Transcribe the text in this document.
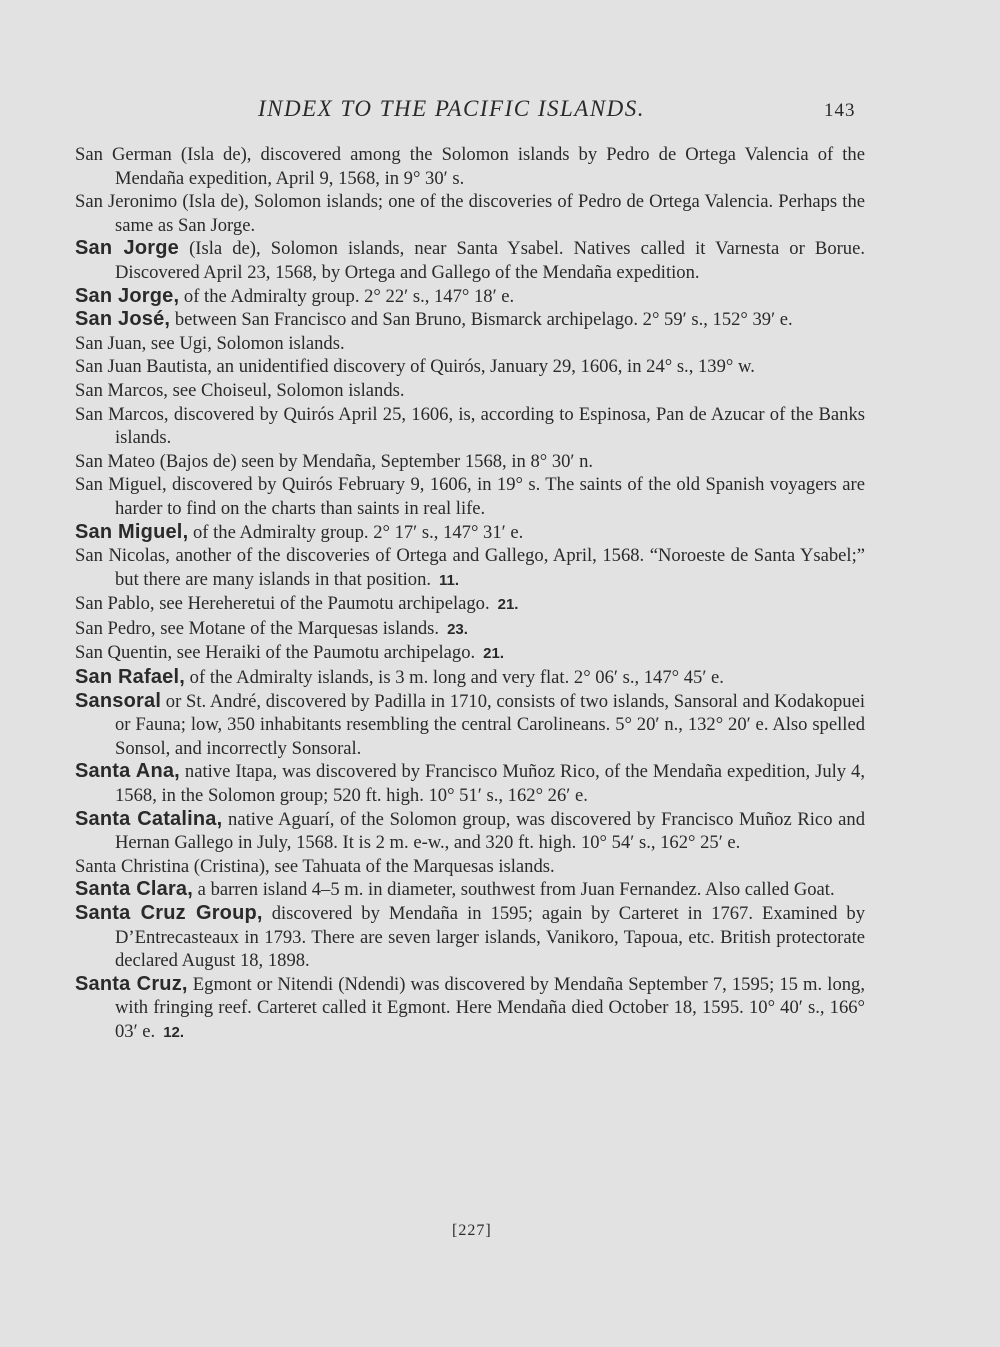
INDEX TO THE PACIFIC ISLANDS.	143

San German (Isla de), discovered among the Solomon islands by Pedro de Ortega Valencia of the Mendaña expedition, April 9, 1568, in 9° 30′ s.

San Jeronimo (Isla de), Solomon islands; one of the discoveries of Pedro de Ortega Valencia. Perhaps the same as San Jorge.

San Jorge (Isla de), Solomon islands, near Santa Ysabel. Natives called it Varnesta or Borue. Discovered April 23, 1568, by Ortega and Gallego of the Mendaña expedition.

San Jorge, of the Admiralty group. 2° 22′ s., 147° 18′ e.

San José, between San Francisco and San Bruno, Bismarck archipelago. 2° 59′ s., 152° 39′ e.

San Juan, see Ugi, Solomon islands.

San Juan Bautista, an unidentified discovery of Quirós, January 29, 1606, in 24° s., 139° w.

San Marcos, see Choiseul, Solomon islands.

San Marcos, discovered by Quirós April 25, 1606, is, according to Espinosa, Pan de Azucar of the Banks islands.

San Mateo (Bajos de) seen by Mendaña, September 1568, in 8° 30′ n.

San Miguel, discovered by Quirós February 9, 1606, in 19° s. The saints of the old Spanish voyagers are harder to find on the charts than saints in real life.

San Miguel, of the Admiralty group. 2° 17′ s., 147° 31′ e.

San Nicolas, another of the discoveries of Ortega and Gallego, April, 1568. “Noroeste de Santa Ysabel;” but there are many islands in that position. 11.

San Pablo, see Hereheretui of the Paumotu archipelago. 21.

San Pedro, see Motane of the Marquesas islands. 23.

San Quentin, see Heraiki of the Paumotu archipelago. 21.

San Rafael, of the Admiralty islands, is 3 m. long and very flat. 2° 06′ s., 147° 45′ e.

Sansoral or St. André, discovered by Padilla in 1710, consists of two islands, Sansoral and Kodakopuei or Fauna; low, 350 inhabitants resembling the central Carolineans. 5° 20′ n., 132° 20′ e. Also spelled Sonsol, and incorrectly Sonsoral.

Santa Ana, native Itapa, was discovered by Francisco Muñoz Rico, of the Mendaña expedition, July 4, 1568, in the Solomon group; 520 ft. high. 10° 51′ s., 162° 26′ e.

Santa Catalina, native Aguarí, of the Solomon group, was discovered by Francisco Muñoz Rico and Hernan Gallego in July, 1568. It is 2 m. e-w., and 320 ft. high. 10° 54′ s., 162° 25′ e.

Santa Christina (Cristina), see Tahuata of the Marquesas islands.

Santa Clara, a barren island 4–5 m. in diameter, southwest from Juan Fernandez. Also called Goat.

Santa Cruz Group, discovered by Mendaña in 1595; again by Carteret in 1767. Examined by D’Entrecasteaux in 1793. There are seven larger islands, Vanikoro, Tapoua, etc. British protectorate declared August 18, 1898.

Santa Cruz, Egmont or Nitendi (Ndendi) was discovered by Mendaña September 7, 1595; 15 m. long, with fringing reef. Carteret called it Egmont. Here Mendaña died October 18, 1595. 10° 40′ s., 166° 03′ e. 12.

[227]
